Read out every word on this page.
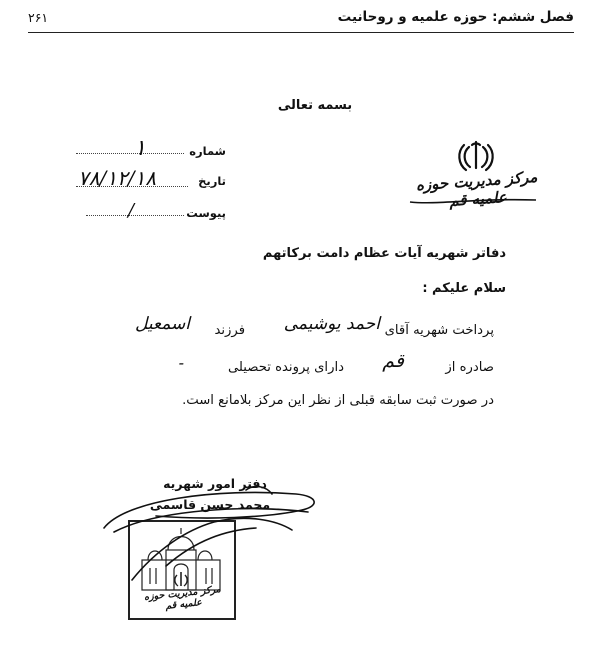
فصل ششم: حوزه علمیه و روحانیت
۲۶۱
بسمه تعالی
مرکز مدیریت حوزه علمیه قم
شماره
۱
تاریخ
۷۸/۱۲/۱۸
پیوست
/
دفاتر شهریه آیات عظام دامت برکاتهم
سلام علیکم :
پرداخت شهریه آقای
احمد یوشیمی
فرزند
اسمعیل
صادره از
قم
دارای پرونده تحصیلی
-
در صورت ثبت سابقه قبلی از نظر این مرکز بلامانع است.
دفتر امور شهریه
محمد حسن قاسمی
مرکز مدیریت حوزه علمیه قم
